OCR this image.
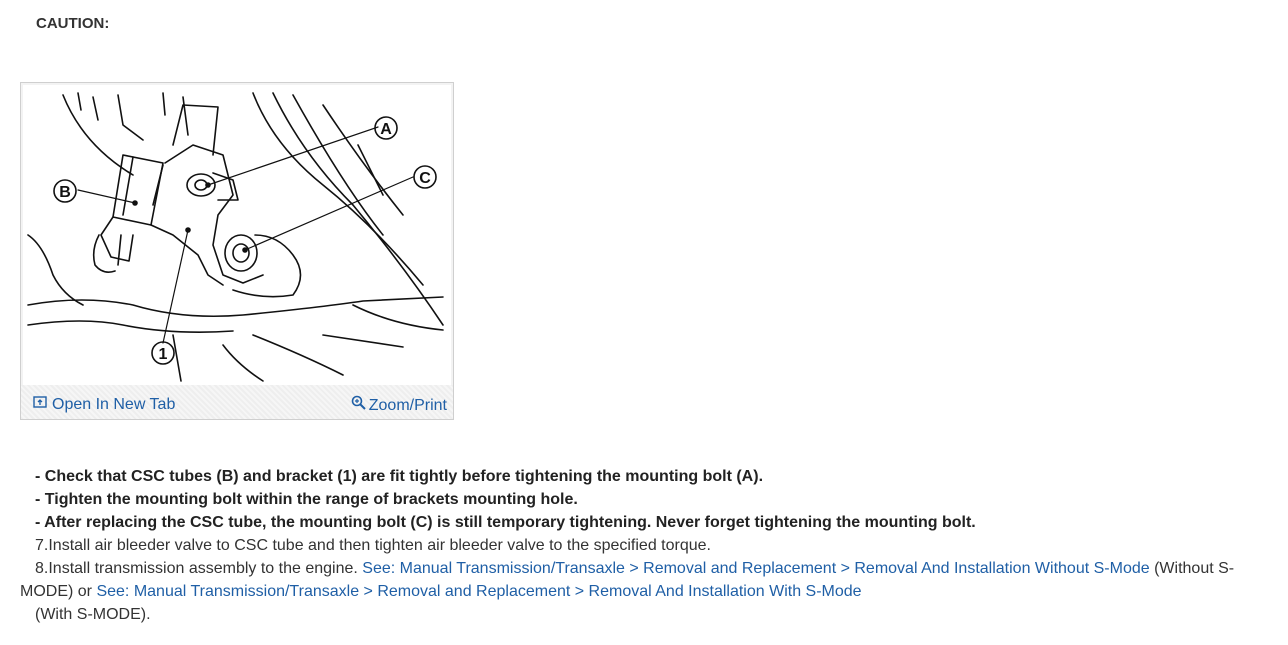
CAUTION:
A
B
C
1
Open In New Tab	Zoom/Print
- Check that CSC tubes (B) and bracket (1) are fit tightly before tightening the mounting bolt (A).
- Tighten the mounting bolt within the range of brackets mounting hole.
- After replacing the CSC tube, the mounting bolt (C) is still temporary tightening. Never forget tightening the mounting bolt.
7.Install air bleeder valve to CSC tube and then tighten air bleeder valve to the specified torque.
8.Install transmission assembly to the engine. See: Manual Transmission/Transaxle > Removal and Replacement > Removal And Installation Without S-Mode (Without S-MODE) or See: Manual Transmission/Transaxle > Removal and Replacement > Removal And Installation With S-Mode
(With S-MODE).
